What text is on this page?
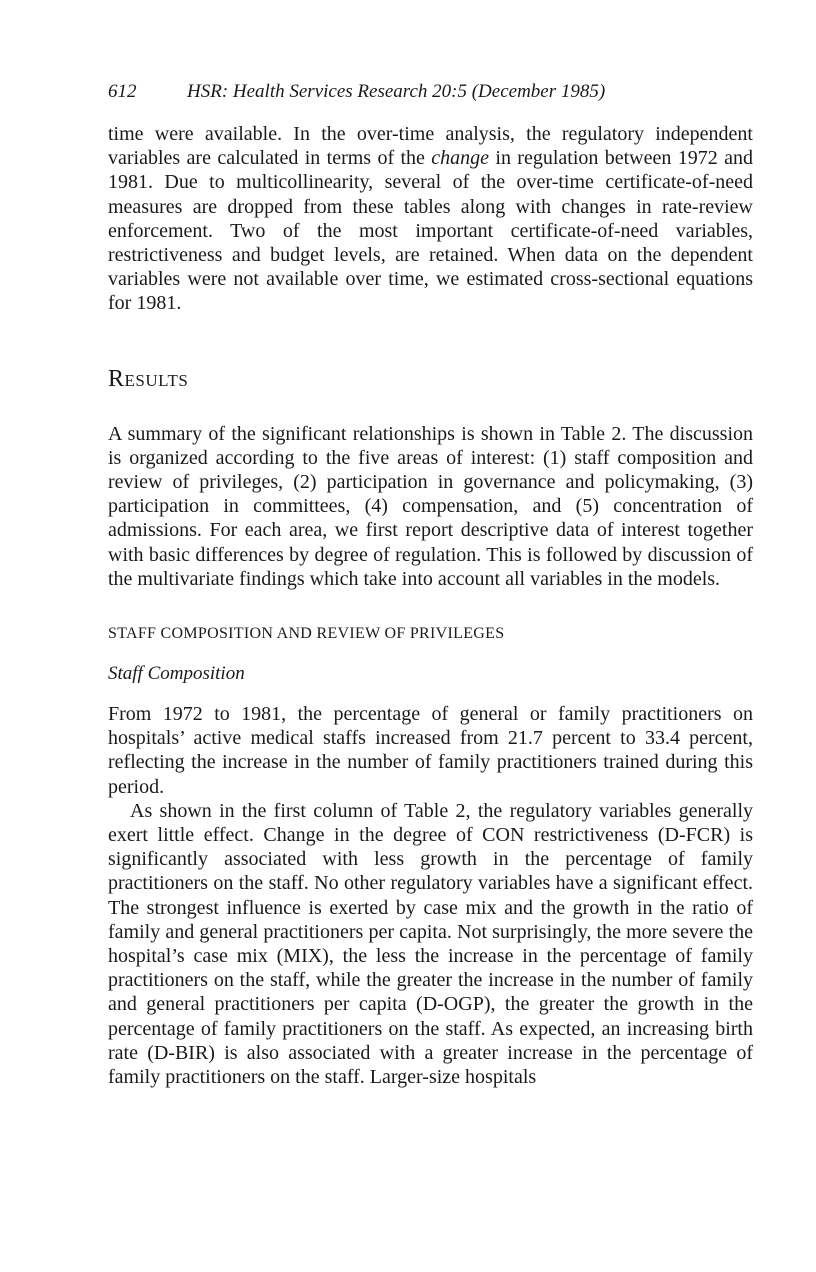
612	HSR: Health Services Research 20:5 (December 1985)

time were available. In the over-time analysis, the regulatory independent variables are calculated in terms of the change in regulation between 1972 and 1981. Due to multicollinearity, several of the over-time certificate-of-need measures are dropped from these tables along with changes in rate-review enforcement. Two of the most important certificate-of-need variables, restrictiveness and budget levels, are retained. When data on the dependent variables were not available over time, we estimated cross-sectional equations for 1981.

Results

A summary of the significant relationships is shown in Table 2. The discussion is organized according to the five areas of interest: (1) staff composition and review of privileges, (2) participation in governance and policymaking, (3) participation in committees, (4) compensation, and (5) concentration of admissions. For each area, we first report descriptive data of interest together with basic differences by degree of regulation. This is followed by discussion of the multivariate findings which take into account all variables in the models.

STAFF COMPOSITION AND REVIEW OF PRIVILEGES
Staff Composition

From 1972 to 1981, the percentage of general or family practitioners on hospitals’ active medical staffs increased from 21.7 percent to 33.4 percent, reflecting the increase in the number of family practitioners trained during this period.

As shown in the first column of Table 2, the regulatory variables generally exert little effect. Change in the degree of CON restrictiveness (D-FCR) is significantly associated with less growth in the percentage of family practitioners on the staff. No other regulatory variables have a significant effect. The strongest influence is exerted by case mix and the growth in the ratio of family and general practitioners per capita. Not surprisingly, the more severe the hospital’s case mix (MIX), the less the increase in the percentage of family practitioners on the staff, while the greater the increase in the number of family and general practitioners per capita (D-OGP), the greater the growth in the percentage of family practitioners on the staff. As expected, an increasing birth rate (D-BIR) is also associated with a greater increase in the percentage of family practitioners on the staff. Larger-size hospitals
